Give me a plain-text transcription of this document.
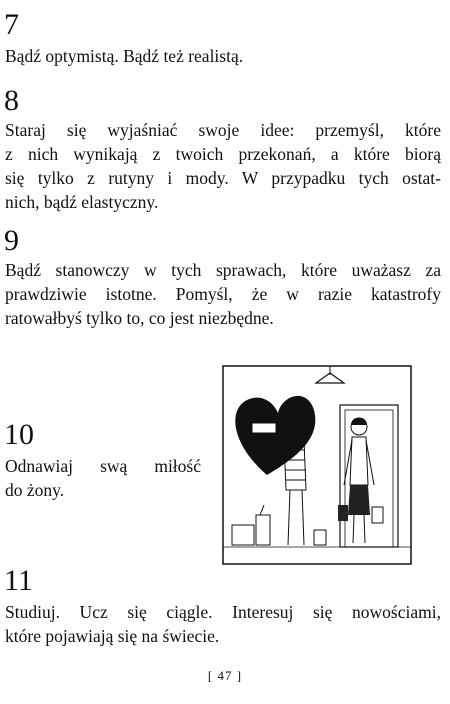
7
Bądź optymistą. Bądź też realistą.
8
Staraj się wyjaśniać swoje idee: przemyśl, które
z nich wynikają z twoich przekonań, a które biorą
się tylko z rutyny i mody. W przypadku tych ostat-
nich, bądź elastyczny.
9
Bądź stanowczy w tych sprawach, które uważasz za
prawdziwie istotne. Pomyśl, że w razie katastrofy
ratowałbyś tylko to, co jest niezbędne.
10
Odnawiaj swą miłość
do żony.
11
Studiuj. Ucz się ciągle. Interesuj się nowościami,
które pojawiają się na świecie.
[ 47 ]
